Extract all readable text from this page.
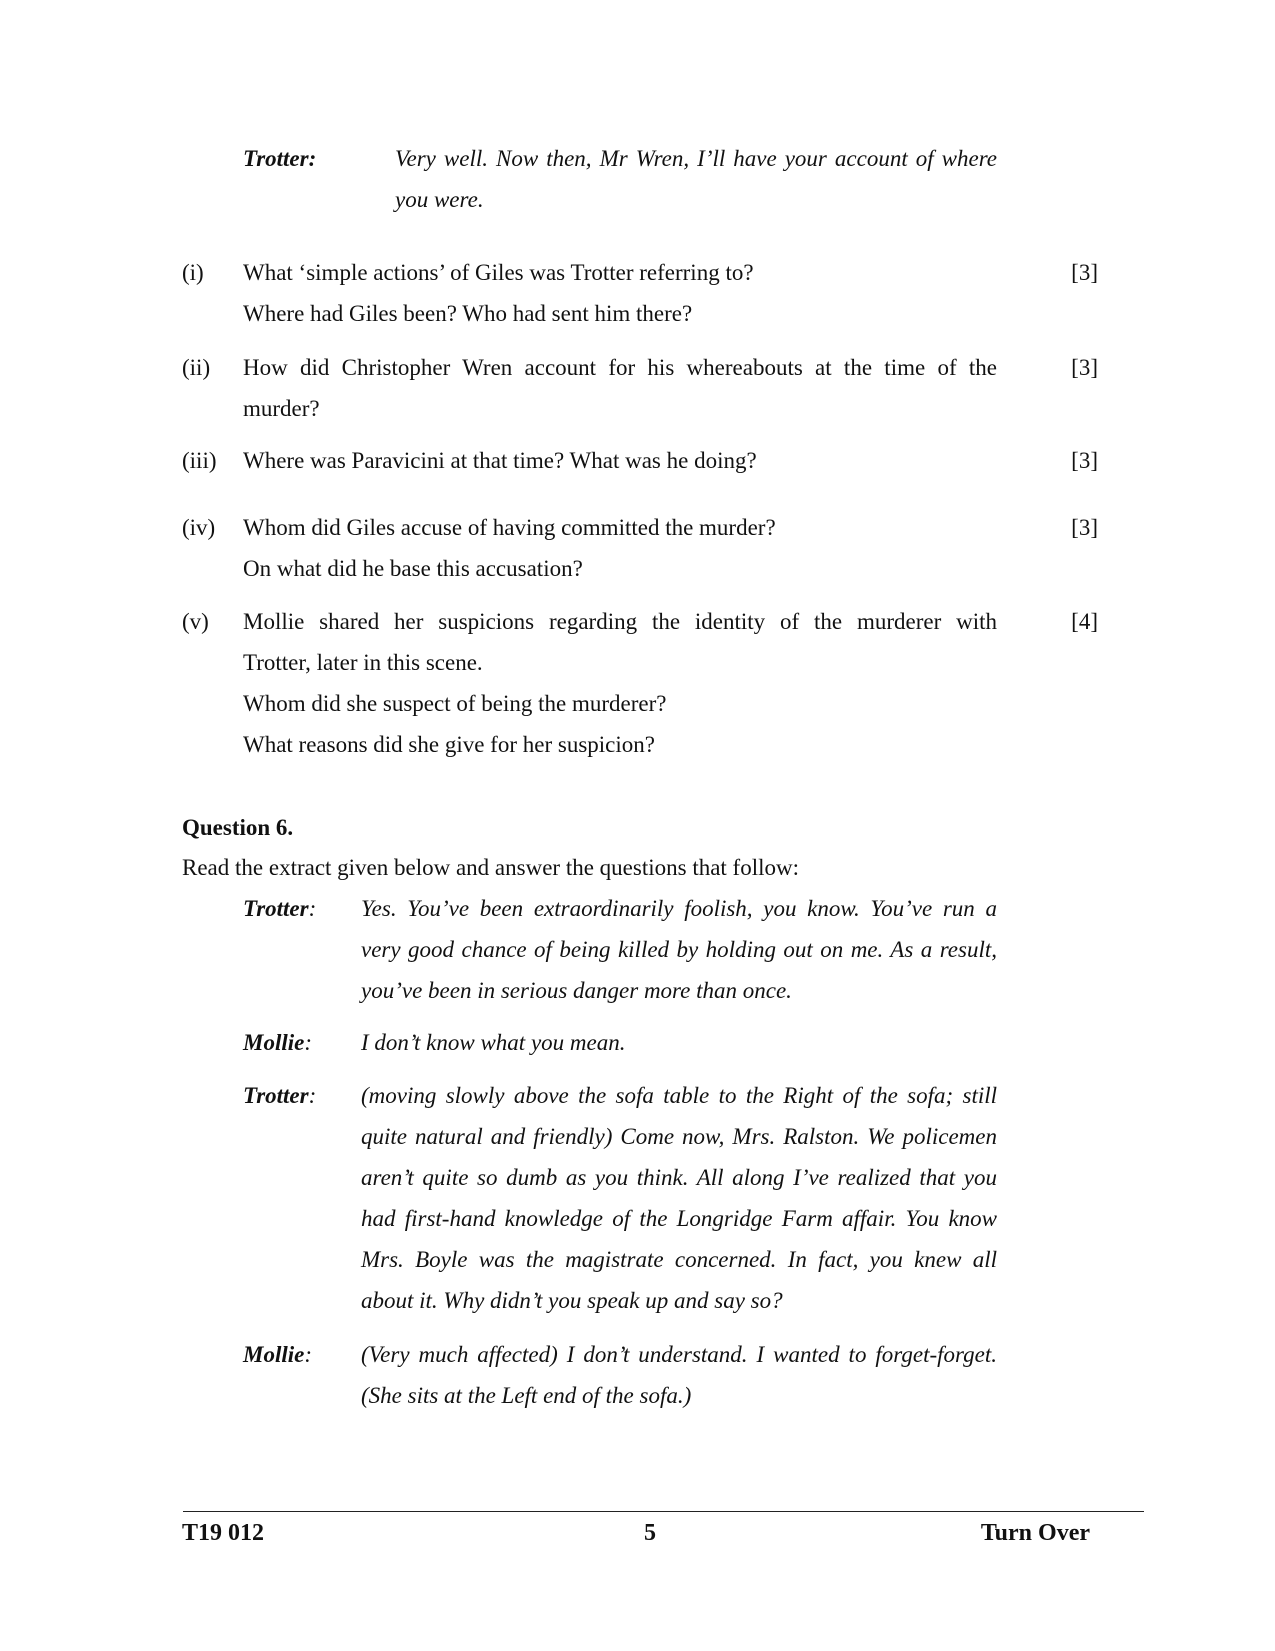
Trotter:	Very well. Now then, Mr Wren, I’ll have your account of where
you were.
(i) What ‘simple actions’ of Giles was Trotter referring to?
Where had Giles been? Who had sent him there?
[3]
(ii) How did Christopher Wren account for his whereabouts at the time of the
murder?
[3]
(iii) Where was Paravicini at that time? What was he doing?	[3]
(iv) Whom did Giles accuse of having committed the murder?
On what did he base this accusation?
[3]
(v) Mollie shared her suspicions regarding the identity of the murderer with
Trotter, later in this scene.
Whom did she suspect of being the murderer?
What reasons did she give for her suspicion?
[4]
Question 6.
Read the extract given below and answer the questions that follow:
Trotter: Yes. You’ve been extraordinarily foolish, you know. You’ve run a
very good chance of being killed by holding out on me. As a result,
you’ve been in serious danger more than once.
Mollie: I don’t know what you mean.
Trotter: (moving slowly above the sofa table to the Right of the sofa; still
quite natural and friendly) Come now, Mrs. Ralston. We policemen
aren’t quite so dumb as you think. All along I’ve realized that you
had first-hand knowledge of the Longridge Farm affair. You know
Mrs. Boyle was the magistrate concerned. In fact, you knew all
about it. Why didn’t you speak up and say so?
Mollie: (Very much affected) I don’t understand. I wanted to forget-forget.
(She sits at the Left end of the sofa.)
T19 012	5	Turn Over
